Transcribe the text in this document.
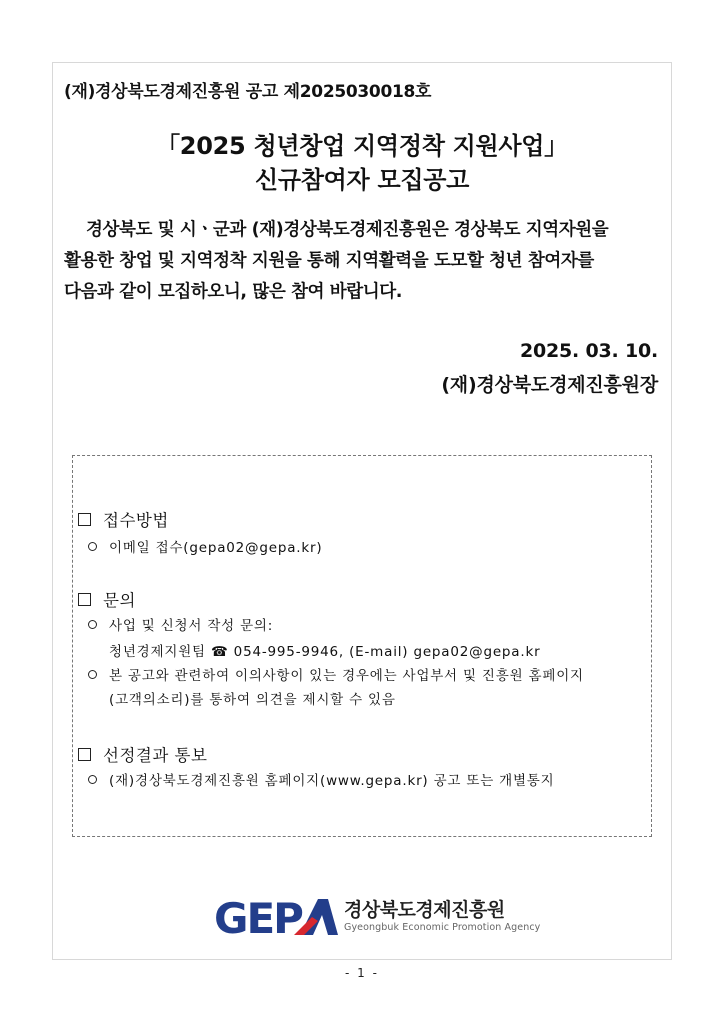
(재)경상북도경제진흥원 공고 제2025030018호
「2025 청년창업 지역정착 지원사업」
신규참여자 모집공고

경상북도 및 시ㆍ군과 (재)경상북도경제진흥원은 경상북도 지역자원을

활용한 창업 및 지역정착 지원을 통해 지역활력을 도모할 청년 참여자를

다음과 같이 모집하오니, 많은 참여 바랍니다.

2025. 03. 10.
(재)경상북도경제진흥원장
접수방법
이메일 접수(gepa02@gepa.kr)
문의
사업 및 신청서 작성 문의:
청년경제지원팀 ☎ 054-995-9946, (E-mail) gepa02@gepa.kr
본 공고와 관련하여 이의사항이 있는 경우에는 사업부서 및 진흥원 홈페이지
(고객의소리)를 통하여 의견을 제시할 수 있음
선정결과 통보
(재)경상북도경제진흥원 홈페이지(www.gepa.kr) 공고 또는 개별통지
GEP 경상북도경제진흥원
Gyeongbuk Economic Promotion Agency
- 1 -
